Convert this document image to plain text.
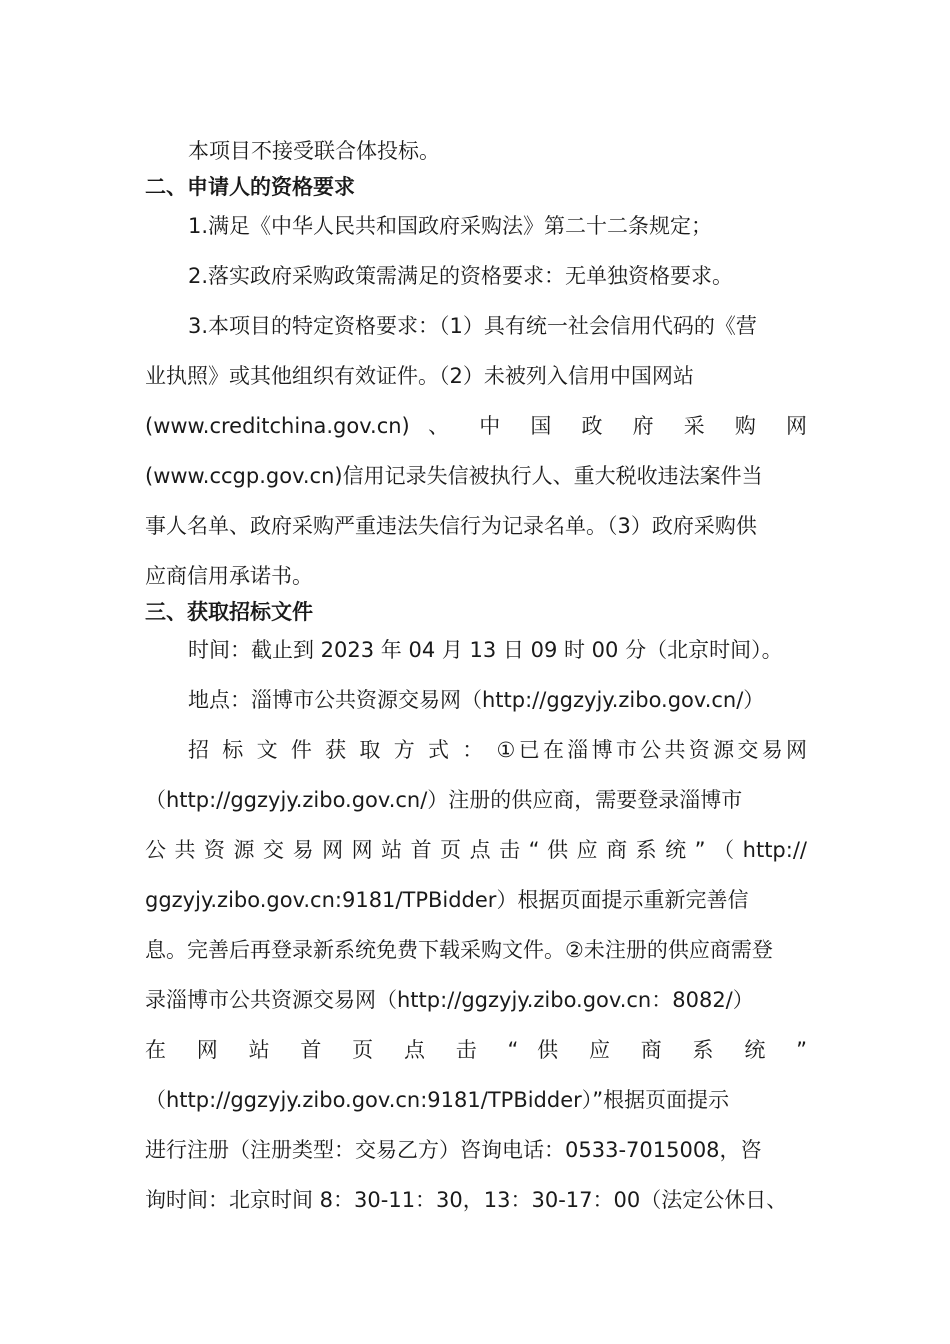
本项目不接受联合体投标。
二、申请人的资格要求
1.满足《中华人民共和国政府采购法》第二十二条规定；
2.落实政府采购政策需满足的资格要求：无单独资格要求。
3.本项目的特定资格要求：（1）具有统一社会信用代码的《营
业执照》或其他组织有效证件。（2）未被列入信用中国网站
(www.creditchina.gov.cn) 、 中 国 政 府 采 购 网
(www.ccgp.gov.cn)信用记录失信被执行人、重大税收违法案件当
事人名单、政府采购严重违法失信行为记录名单。（3）政府采购供
应商信用承诺书。
三、获取招标文件
时间：截止到 2023 年 04 月 13 日 09 时 00 分（北京时间）。
地点：淄博市公共资源交易网（http://ggzyjy.zibo.gov.cn/）
招 标 文 件 获 取 方 式 ： ①已在淄博市公共资源交易网
（http://ggzyjy.zibo.gov.cn/）注册的供应商，需要登录淄博市
公 共 资 源 交 易 网 网 站 首 页 点 击 “ 供 应 商 系 统 ” （ http://
ggzyjy.zibo.gov.cn:9181/TPBidder）根据页面提示重新完善信
息。完善后再登录新系统免费下载采购文件。②未注册的供应商需登
录淄博市公共资源交易网（http://ggzyjy.zibo.gov.cn：8082/）
在 网 站 首 页 点 击 “ 供 应 商 系 统 ”
（http://ggzyjy.zibo.gov.cn:9181/TPBidder）”根据页面提示
进行注册（注册类型：交易乙方）咨询电话：0533-7015008，咨
询时间：北京时间 8：30-11：30，13：30-17：00（法定公休日、
